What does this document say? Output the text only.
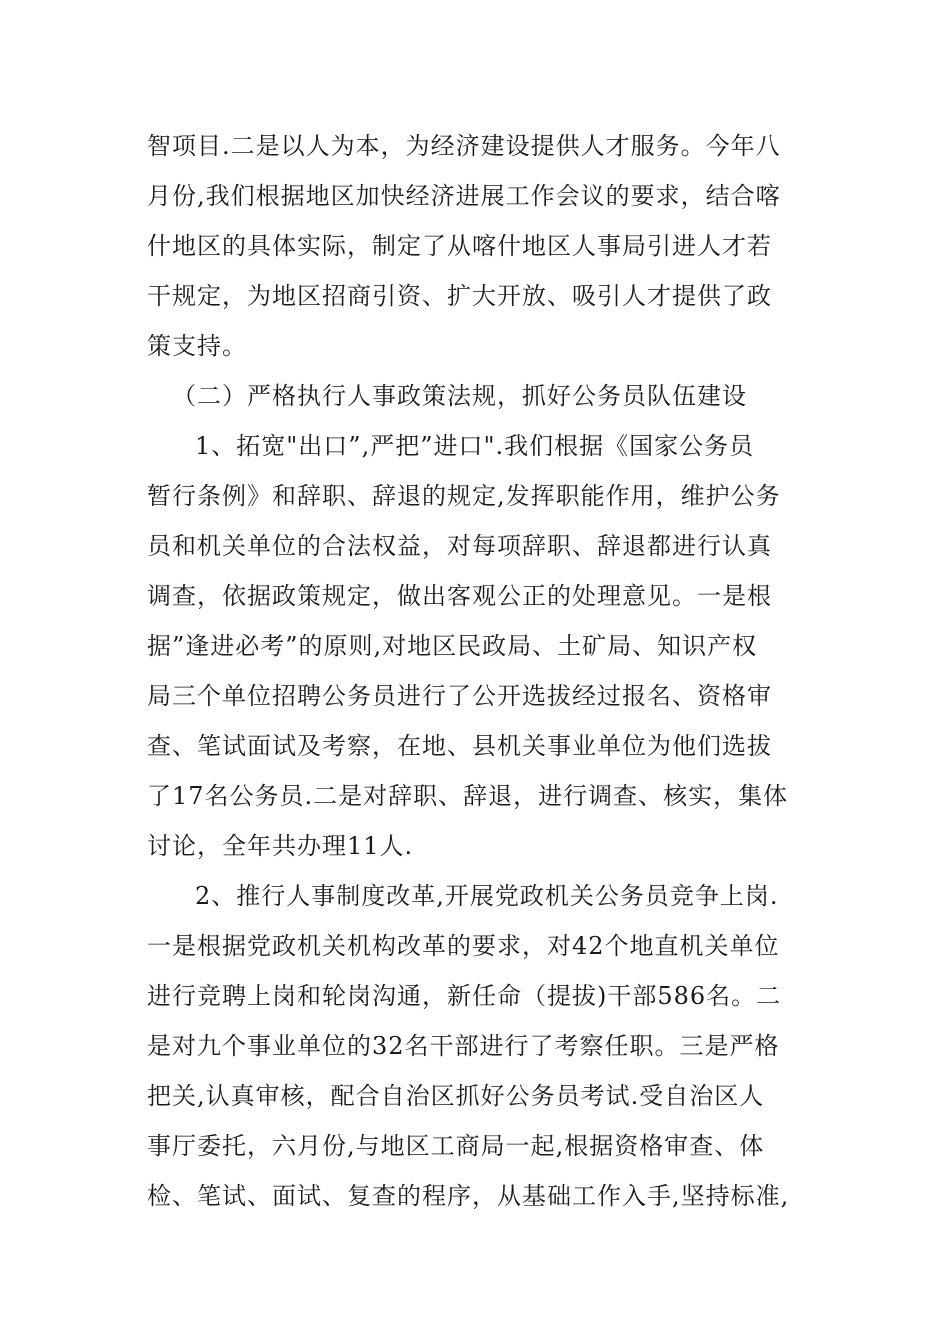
智项目.二是以人为本，为经济建设提供人才服务。今年八
月份,我们根据地区加快经济进展工作会议的要求，结合喀
什地区的具体实际，制定了从喀什地区人事局引进人才若
干规定，为地区招商引资、扩大开放、吸引人才提供了政
策支持。
（二）严格执行人事政策法规，抓好公务员队伍建设
1、拓宽"出口”,严把”进口".我们根据《国家公务员
暂行条例》和辞职、辞退的规定,发挥职能作用，维护公务
员和机关单位的合法权益，对每项辞职、辞退都进行认真
调查，依据政策规定，做出客观公正的处理意见。一是根
据”逢进必考”的原则,对地区民政局、土矿局、知识产权
局三个单位招聘公务员进行了公开选拔经过报名、资格审
查、笔试面试及考察，在地、县机关事业单位为他们选拔
了17名公务员.二是对辞职、辞退，进行调查、核实，集体
讨论，全年共办理11人.
2、推行人事制度改革,开展党政机关公务员竞争上岗.
一是根据党政机关机构改革的要求，对42个地直机关单位
进行竞聘上岗和轮岗沟通，新任命（提拔)干部586名。二
是对九个事业单位的32名干部进行了考察任职。三是严格
把关,认真审核，配合自治区抓好公务员考试.受自治区人
事厅委托，六月份,与地区工商局一起,根据资格审查、体
检、笔试、面试、复查的程序，从基础工作入手,坚持标准,
